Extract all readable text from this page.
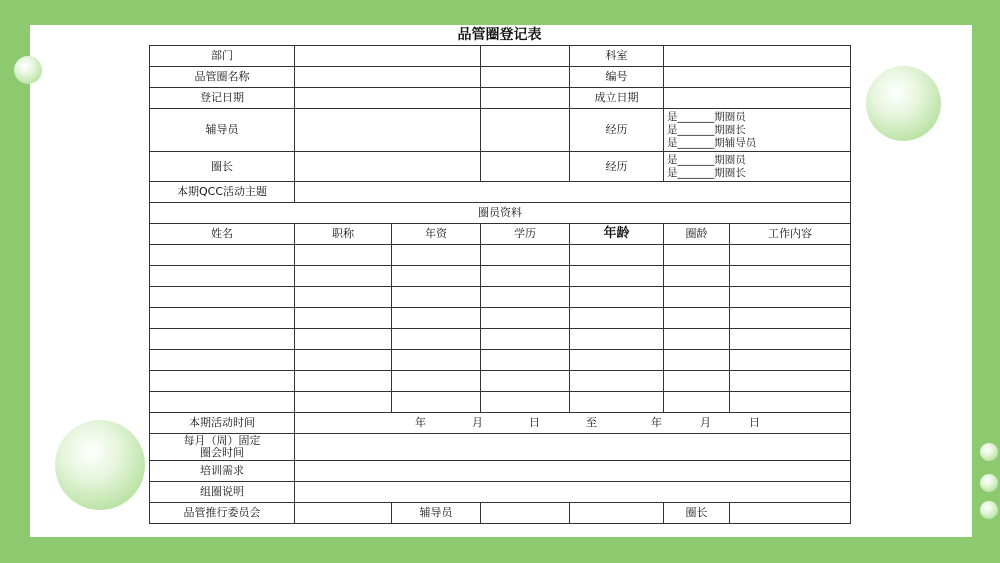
品管圈登记表
部门				科室		
品管圈名称				编号		
登记日期				成立日期		
辅导员				经历	是_______期圈员
是_______期圈长
是_______期辅导员	

圈长				经历	是_______期圈员
是_______期圈长	

本期QCC活动主题						
圈员资料						
姓名	职称	年资	学历	年龄	圈龄	工作内容

本期活动时间	年 月 日 至 年 月 日					

每月（周）固定
圈会时间						

培训需求						
组圈说明						
品管推行委员会		辅导员			圈长	
